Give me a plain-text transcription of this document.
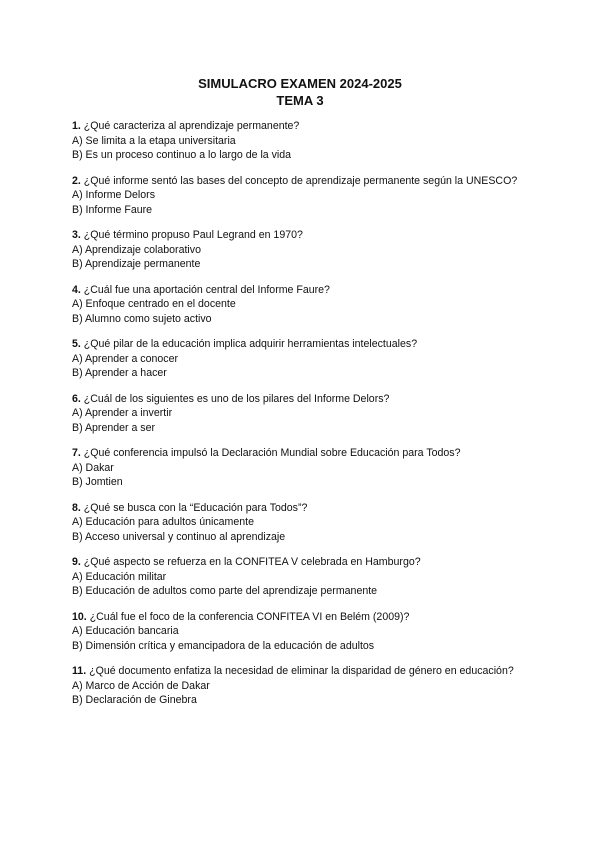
SIMULACRO EXAMEN 2024-2025
TEMA 3
1. ¿Qué caracteriza al aprendizaje permanente?
A) Se limita a la etapa universitaria
B) Es un proceso continuo a lo largo de la vida
2. ¿Qué informe sentó las bases del concepto de aprendizaje permanente según la UNESCO?
A) Informe Delors
B) Informe Faure
3. ¿Qué término propuso Paul Legrand en 1970?
A) Aprendizaje colaborativo
B) Aprendizaje permanente
4. ¿Cuál fue una aportación central del Informe Faure?
A) Enfoque centrado en el docente
B) Alumno como sujeto activo
5. ¿Qué pilar de la educación implica adquirir herramientas intelectuales?
A) Aprender a conocer
B) Aprender a hacer
6. ¿Cuál de los siguientes es uno de los pilares del Informe Delors?
A) Aprender a invertir
B) Aprender a ser
7. ¿Qué conferencia impulsó la Declaración Mundial sobre Educación para Todos?
A) Dakar
B) Jomtien
8. ¿Qué se busca con la “Educación para Todos”?
A) Educación para adultos únicamente
B) Acceso universal y continuo al aprendizaje
9. ¿Qué aspecto se refuerza en la CONFITEA V celebrada en Hamburgo?
A) Educación militar
B) Educación de adultos como parte del aprendizaje permanente
10. ¿Cuál fue el foco de la conferencia CONFITEA VI en Belém (2009)?
A) Educación bancaria
B) Dimensión crítica y emancipadora de la educación de adultos
11. ¿Qué documento enfatiza la necesidad de eliminar la disparidad de género en educación?
A) Marco de Acción de Dakar
B) Declaración de Ginebra
